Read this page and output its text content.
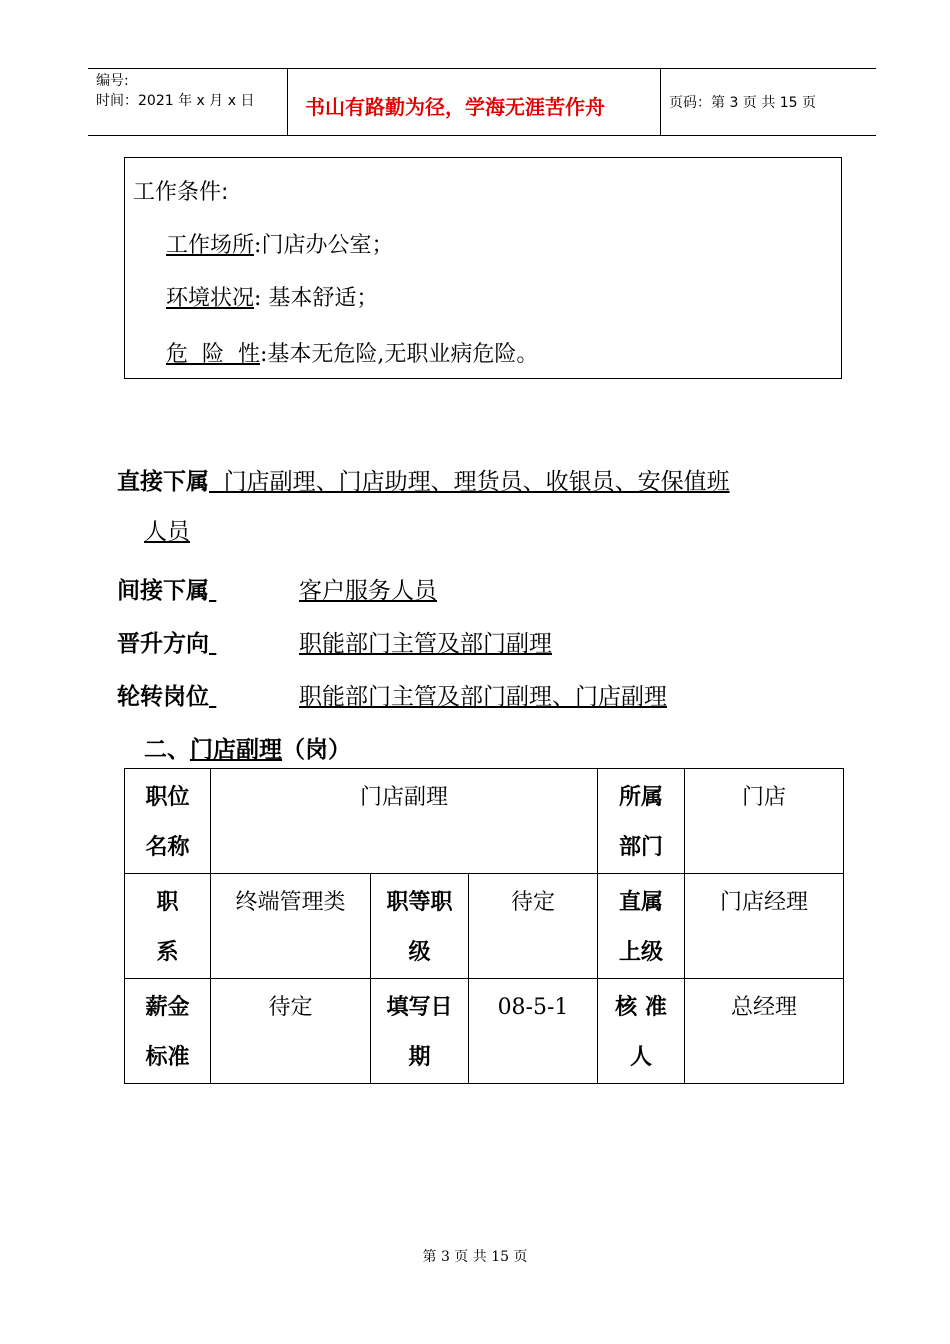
编号:
时间：2021 年 x 月 x 日	书山有路勤为径，学海无涯苦作舟	页码：第 3 页 共 15 页
工作条件:
工作场所:门店办公室；
环境状况: 基本舒适；
危  险  性:基本无危险,无职业病危险。
直接下属  门店副理、门店助理、理货员、收银员、安保值班
人员
间接下属	客户服务人员
晋升方向	职能部门主管及部门副理
轮转岗位	职能部门主管及部门副理、门店副理
二、门店副理（岗）
职位名称	门店副理			所属部门	门店
职系	终端管理类	职等职级	待定	直属上级	门店经理
薪金标准	待定	填写日期	08-5-1	核 准人	总经理
第 3 页 共 15 页
